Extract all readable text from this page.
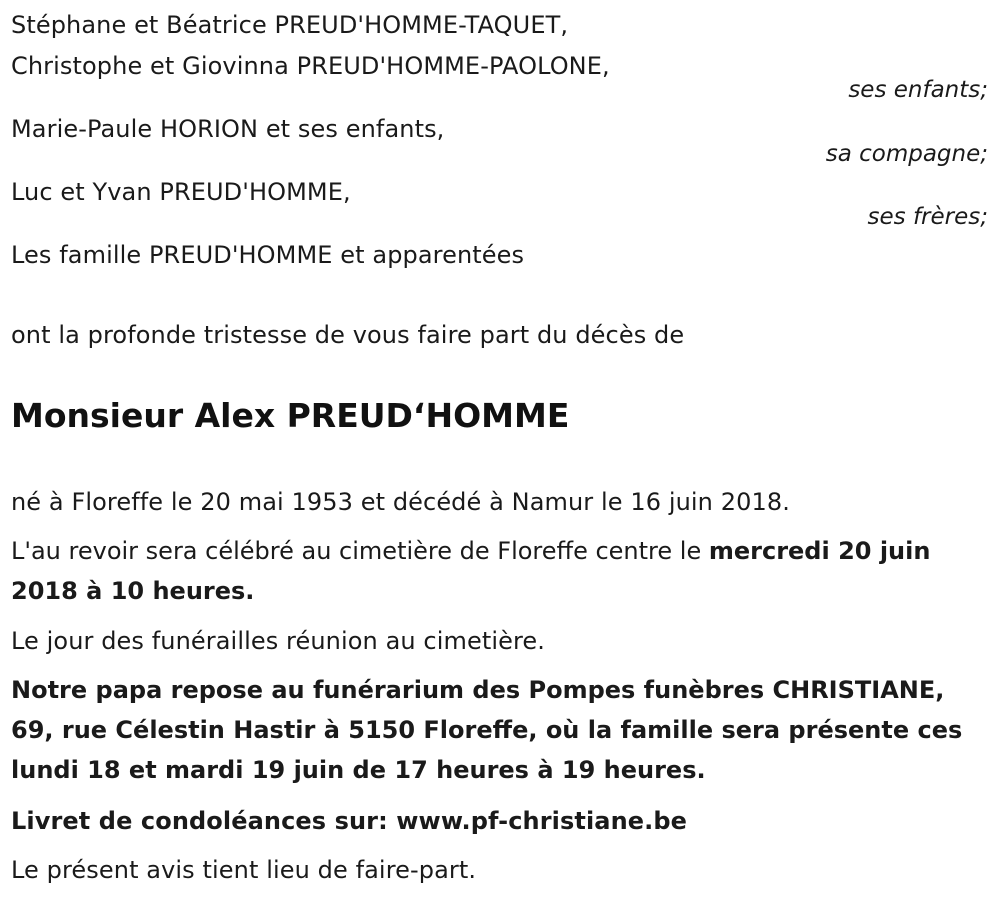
Stéphane et Béatrice PREUD'HOMME-TAQUET,
Christophe et Giovinna PREUD'HOMME-PAOLONE,
ses enfants;
Marie-Paule HORION et ses enfants,
sa compagne;
Luc et Yvan PREUD'HOMME,
ses frères;
Les famille PREUD'HOMME et apparentées
ont la profonde tristesse de vous faire part du décès de
Monsieur Alex PREUD‘HOMME
né à Floreffe le 20 mai 1953 et décédé à Namur le 16 juin 2018.
L'au revoir sera célébré au cimetière de Floreffe centre le mercredi 20 juin 2018 à 10 heures.
Le jour des funérailles réunion au cimetière.
Notre papa repose au funérarium des Pompes funèbres CHRISTIANE, 69, rue Célestin Hastir à 5150 Floreffe, où la famille sera présente ces lundi 18 et mardi 19 juin de 17 heures à 19 heures.
Livret de condoléances sur: www.pf-christiane.be
Le présent avis tient lieu de faire-part.
